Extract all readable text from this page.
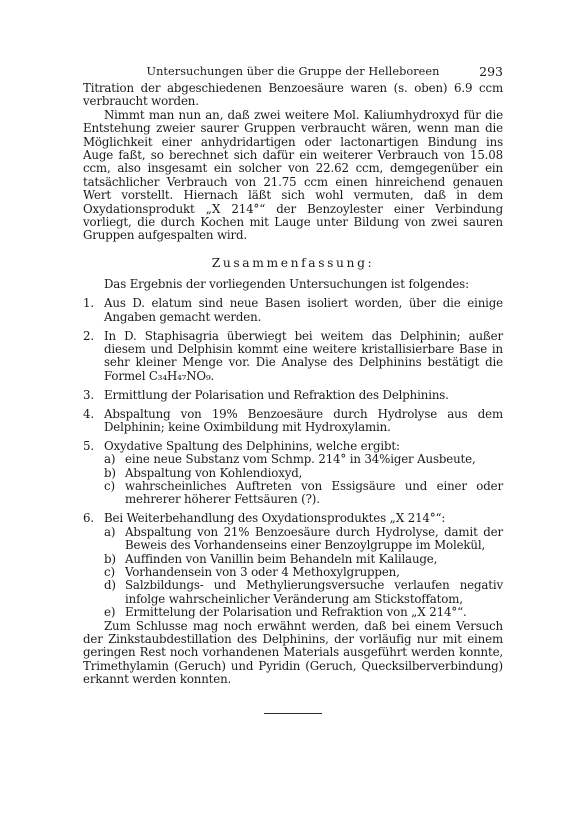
Untersuchungen über die Gruppe der Helleboreen	293

Titration der abgeschiedenen Benzoesäure waren (s. oben) 6.9 ccm verbraucht worden.

Nimmt man nun an, daß zwei weitere Mol. Kaliumhydroxyd für die Entstehung zweier saurer Gruppen verbraucht wären, wenn man die Möglichkeit einer anhydridartigen oder lactonartigen Bindung ins Auge faßt, so berechnet sich dafür ein weiterer Verbrauch von 15.08 ccm, also insgesamt ein solcher von 22.62 ccm, demgegenüber ein tatsächlicher Verbrauch von 21.75 ccm einen hinreichend genauen Wert vorstellt. Hiernach läßt sich wohl vermuten, daß in dem Oxydationsprodukt „X 214°“ der Benzoylester einer Verbindung vorliegt, die durch Kochen mit Lauge unter Bildung von zwei sauren Gruppen aufgespalten wird.

Zusammenfassung:

Das Ergebnis der vorliegenden Untersuchungen ist folgendes:

1. Aus D. elatum sind neue Basen isoliert worden, über die einige Angaben gemacht werden.
2. In D. Staphisagria überwiegt bei weitem das Delphinin; außer diesem und Delphisin kommt eine weitere kristallisierbare Base in sehr kleiner Menge vor. Die Analyse des Delphinins bestätigt die Formel C₃₄H₄₇NO₉.
3. Ermittlung der Polarisation und Refraktion des Delphinins.
4. Abspaltung von 19% Benzoesäure durch Hydrolyse aus dem Delphinin; keine Oximbildung mit Hydroxylamin.
5. Oxydative Spaltung des Delphinins, welche ergibt:
a) eine neue Substanz vom Schmp. 214° in 34%iger Ausbeute,
b) Abspaltung von Kohlendioxyd,
c) wahrscheinliches Auftreten von Essigsäure und einer oder mehrerer höherer Fettsäuren (?).
6. Bei Weiterbehandlung des Oxydationsproduktes „X 214°“:
a) Abspaltung von 21% Benzoesäure durch Hydrolyse, damit der Beweis des Vorhandenseins einer Benzoylgruppe im Molekül,
b) Auffinden von Vanillin beim Behandeln mit Kalilauge,
c) Vorhandensein von 3 oder 4 Methoxylgruppen,
d) Salzbildungs- und Methylierungsversuche verlaufen negativ infolge wahrscheinlicher Veränderung am Stickstoffatom,
e) Ermittelung der Polarisation und Refraktion von „X 214°“.

Zum Schlusse mag noch erwähnt werden, daß bei einem Versuch der Zinkstaubdestillation des Delphinins, der vorläufig nur mit einem geringen Rest noch vorhandenen Materials ausgeführt werden konnte, Trimethylamin (Geruch) und Pyridin (Geruch, Quecksilberverbindung) erkannt werden konnten.
